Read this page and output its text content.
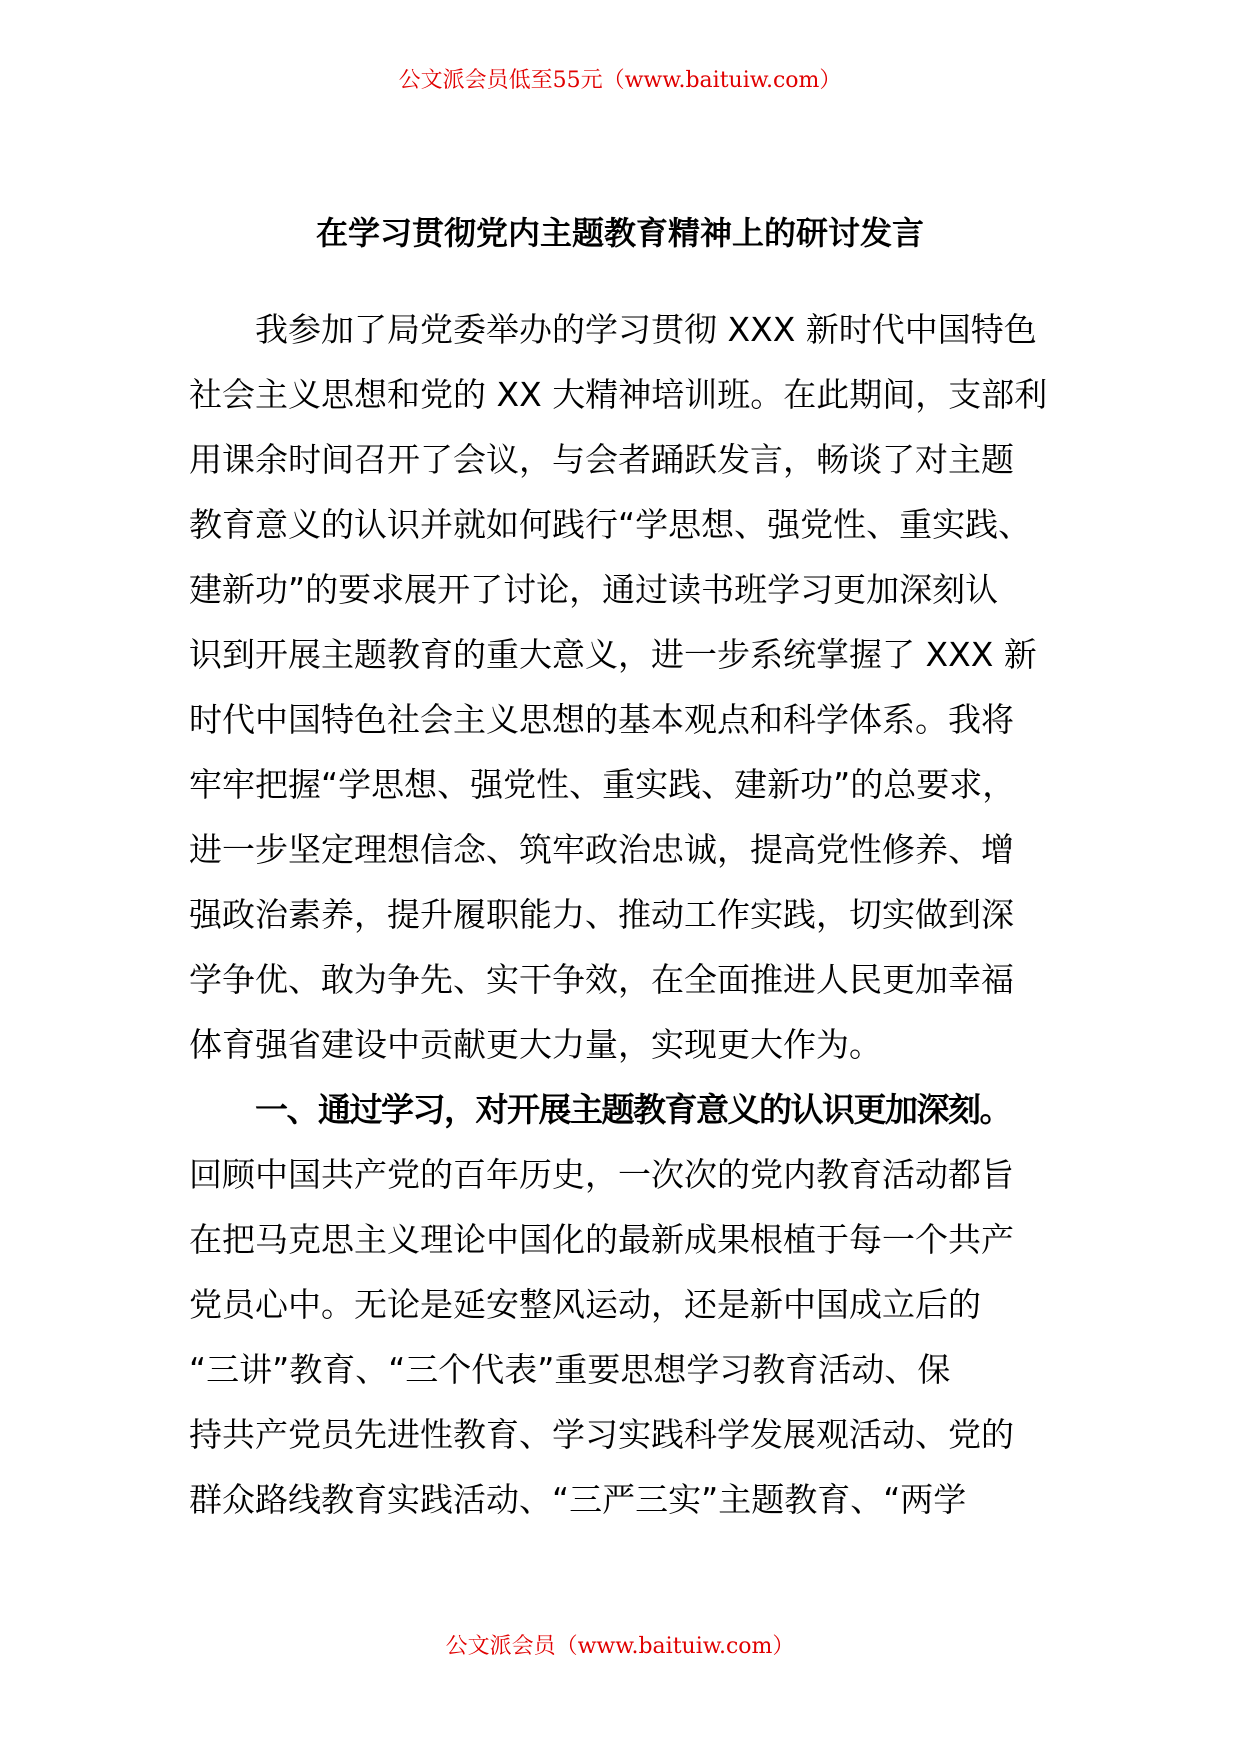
公文派会员低至55元（www.baituiw.com）
在学习贯彻党内主题教育精神上的研讨发言
我参加了局党委举办的学习贯彻 XXX 新时代中国特色
社会主义思想和党的 XX 大精神培训班。在此期间，支部利
用课余时间召开了会议，与会者踊跃发言，畅谈了对主题
教育意义的认识并就如何践行“学思想、强党性、重实践、
建新功”的要求展开了讨论，通过读书班学习更加深刻认
识到开展主题教育的重大意义，进一步系统掌握了 XXX 新
时代中国特色社会主义思想的基本观点和科学体系。我将
牢牢把握“学思想、强党性、重实践、建新功”的总要求，
进一步坚定理想信念、筑牢政治忠诚，提高党性修养、增
强政治素养，提升履职能力、推动工作实践，切实做到深
学争优、敢为争先、实干争效，在全面推进人民更加幸福
体育强省建设中贡献更大力量，实现更大作为。
一、通过学习，对开展主题教育意义的认识更加深刻。
回顾中国共产党的百年历史，一次次的党内教育活动都旨
在把马克思主义理论中国化的最新成果根植于每一个共产
党员心中。无论是延安整风运动，还是新中国成立后的
“三讲”教育、“三个代表”重要思想学习教育活动、保
持共产党员先进性教育、学习实践科学发展观活动、党的
群众路线教育实践活动、“三严三实”主题教育、“两学
公文派会员（www.baituiw.com）
